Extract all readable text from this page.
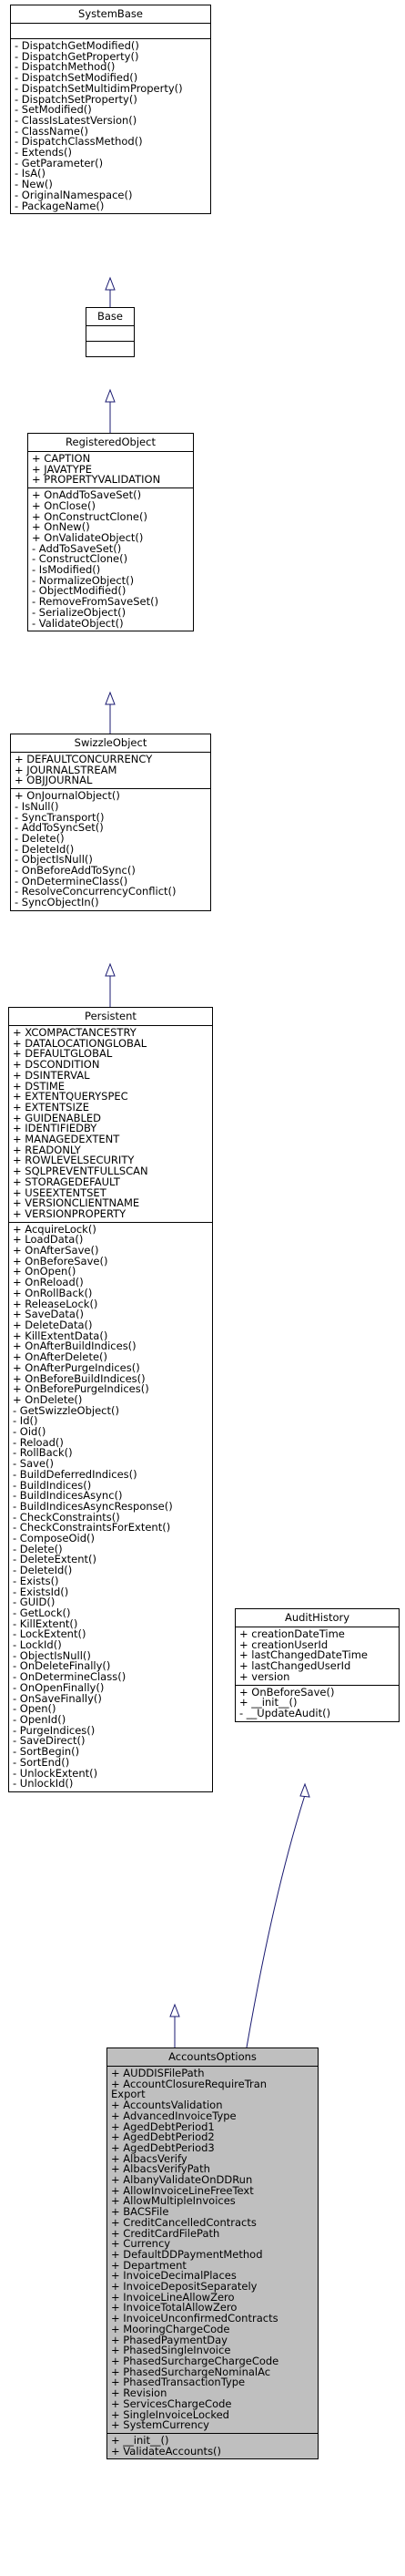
SystemBase
- DispatchGetModified()
- DispatchGetProperty()
- DispatchMethod()
- DispatchSetModified()
- DispatchSetMultidimProperty()
- DispatchSetProperty()
- SetModified()
- ClassIsLatestVersion()
- ClassName()
- DispatchClassMethod()
- Extends()
- GetParameter()
- IsA()
- New()
- OriginalNamespace()
- PackageName()
Base
RegisteredObject
+ CAPTION
+ JAVATYPE
+ PROPERTYVALIDATION
+ OnAddToSaveSet()
+ OnClose()
+ OnConstructClone()
+ OnNew()
+ OnValidateObject()
- AddToSaveSet()
- ConstructClone()
- IsModified()
- NormalizeObject()
- ObjectModified()
- RemoveFromSaveSet()
- SerializeObject()
- ValidateObject()
SwizzleObject
+ DEFAULTCONCURRENCY
+ JOURNALSTREAM
+ OBJJOURNAL
+ OnJournalObject()
- IsNull()
- SyncTransport()
- AddToSyncSet()
- Delete()
- DeleteId()
- ObjectIsNull()
- OnBeforeAddToSync()
- OnDetermineClass()
- ResolveConcurrencyConflict()
- SyncObjectIn()
Persistent
+ XCOMPACTANCESTRY
+ DATALOCATIONGLOBAL
+ DEFAULTGLOBAL
+ DSCONDITION
+ DSINTERVAL
+ DSTIME
+ EXTENTQUERYSPEC
+ EXTENTSIZE
+ GUIDENABLED
+ IDENTIFIEDBY
+ MANAGEDEXTENT
+ READONLY
+ ROWLEVELSECURITY
+ SQLPREVENTFULLSCAN
+ STORAGEDEFAULT
+ USEEXTENTSET
+ VERSIONCLIENTNAME
+ VERSIONPROPERTY
+ AcquireLock()
+ LoadData()
+ OnAfterSave()
+ OnBeforeSave()
+ OnOpen()
+ OnReload()
+ OnRollBack()
+ ReleaseLock()
+ SaveData()
+ DeleteData()
+ KillExtentData()
+ OnAfterBuildIndices()
+ OnAfterDelete()
+ OnAfterPurgeIndices()
+ OnBeforeBuildIndices()
+ OnBeforePurgeIndices()
+ OnDelete()
- GetSwizzleObject()
- Id()
- Oid()
- Reload()
- RollBack()
- Save()
- BuildDeferredIndices()
- BuildIndices()
- BuildIndicesAsync()
- BuildIndicesAsyncResponse()
- CheckConstraints()
- CheckConstraintsForExtent()
- ComposeOid()
- Delete()
- DeleteExtent()
- DeleteId()
- Exists()
- ExistsId()
- GUID()
- GetLock()
- KillExtent()
- LockExtent()
- LockId()
- ObjectIsNull()
- OnDeleteFinally()
- OnDetermineClass()
- OnOpenFinally()
- OnSaveFinally()
- Open()
- OpenId()
- PurgeIndices()
- SaveDirect()
- SortBegin()
- SortEnd()
- UnlockExtent()
- UnlockId()
AuditHistory
+ creationDateTime
+ creationUserId
+ lastChangedDateTime
+ lastChangedUserId
+ version
+ OnBeforeSave()
+ __init__()
- __UpdateAudit()
AccountsOptions
+ AUDDISFilePath
+ AccountClosureRequireTran
Export
+ AccountsValidation
+ AdvancedInvoiceType
+ AgedDebtPeriod1
+ AgedDebtPeriod2
+ AgedDebtPeriod3
+ AlbacsVerify
+ AlbacsVerifyPath
+ AlbanyValidateOnDDRun
+ AllowInvoiceLineFreeText
+ AllowMultipleInvoices
+ BACSFile
+ CreditCancelledContracts
+ CreditCardFilePath
+ Currency
+ DefaultDDPaymentMethod
+ Department
+ InvoiceDecimalPlaces
+ InvoiceDepositSeparately
+ InvoiceLineAllowZero
+ InvoiceTotalAllowZero
+ InvoiceUnconfirmedContracts
+ MooringChargeCode
+ PhasedPaymentDay
+ PhasedSingleInvoice
+ PhasedSurchargeChargeCode
+ PhasedSurchargeNominalAc
+ PhasedTransactionType
+ Revision
+ ServicesChargeCode
+ SingleInvoiceLocked
+ SystemCurrency
+ __init__()
+ ValidateAccounts()
